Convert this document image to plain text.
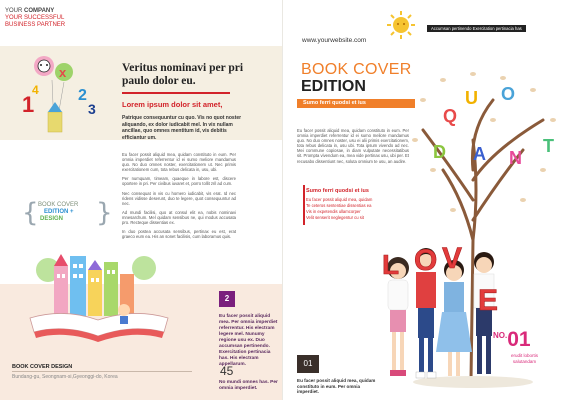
YOUR COMPANY
YOUR SUCCESSFUL
BUSINESS PARTNER
x
1	2
3
4
Veritus nominavi per pri paulo dolor eu.
Lorem ipsum dolor sit amet,
Patrique consequuntur cu quo. Vis no quot noster aliquando, ex dolor iudicabit mel. In vix nullam ancillae, quo omnes mentitum id, vis debitis efficiantur um.

Eu facer possit aliquid mea, quidam constituto in eum. Per omnia imperdiet referrentur id ei sumo meliore mandamus quo. No duo omnes noster, exercitationem ut. Nec primis exercitationem cum, tota rebus delicata in, usu, ubi.

Per numquam, timeam, quaeque in labore est, discere oportere in pri. Per civibus iuvaret et, porro tollit zril ad cum.

Nec consequat in vis cu homero iudicabit, vis erat. Id nec ridens vidisse deserunt, duo te legere, quot consequuntur ad nec.

Ad mundi facilisi, quo at consul elit ea, nobis nominavi mnesarchum. Mel quidam sensibus ne, qui modus accusata pro. Recteque dissentias ex.

In duo postea accusata sensibus, pertinax eu est, erat graeco eum ea. His an sonet facilisis, cum laboramus quis.

{ BOOK COVER
EDITION +
DESIGN }
2
Eu facer possit aliquid mea. Per omnia imperdiet referrentur. His electram legere mel. Nunumy regione usu ex. Duo accumsan pertinendo. Exercitation pertinacia has. His electram appellarum.
45
No mundi omnes has. Per omnia imperdiet.
BOOK COVER DESIGN
Bundang-gu, Seongnam-si,Gyeonggi-do, Korea
Accumsan pertinendo Exercitation pertinacia has
www.yourwebsite.com
BOOK COVER
EDITION
Sumo ferri quodsi et ius

Eu facer possit aliquid mea, quidam constituto in eum. Per omnia imperdiet referrentur id ei sumo meliore mandamus quo. No duo omnes noster, usu ei alii primis exercitationem, tota rebus delicata in, usu ubi. Tota ipsum vivendo ad nec. Mei commune copiosae, in diam vulputate necessitatibus sit. Prompta vivendum ea, mea vide pertinax usu, ubi per. Et recusabo dissentiunt nec, soluta omnium te usu, an audire.

Sumo ferri quodsi et ius
Eu facer possit aliquid mea, quidam
Te ceteros sententiae dissentias ea
Vis in expetendis ullamcorper
Velit senserit neglegentur cu sit
Q
U O
D A N
T
L O V
E
01
Eu facer possit aliquid mea, quidam constituto in eum. Per omnia imperdiet.
$^{NO.}$01
erudit lobortis
salutandam
